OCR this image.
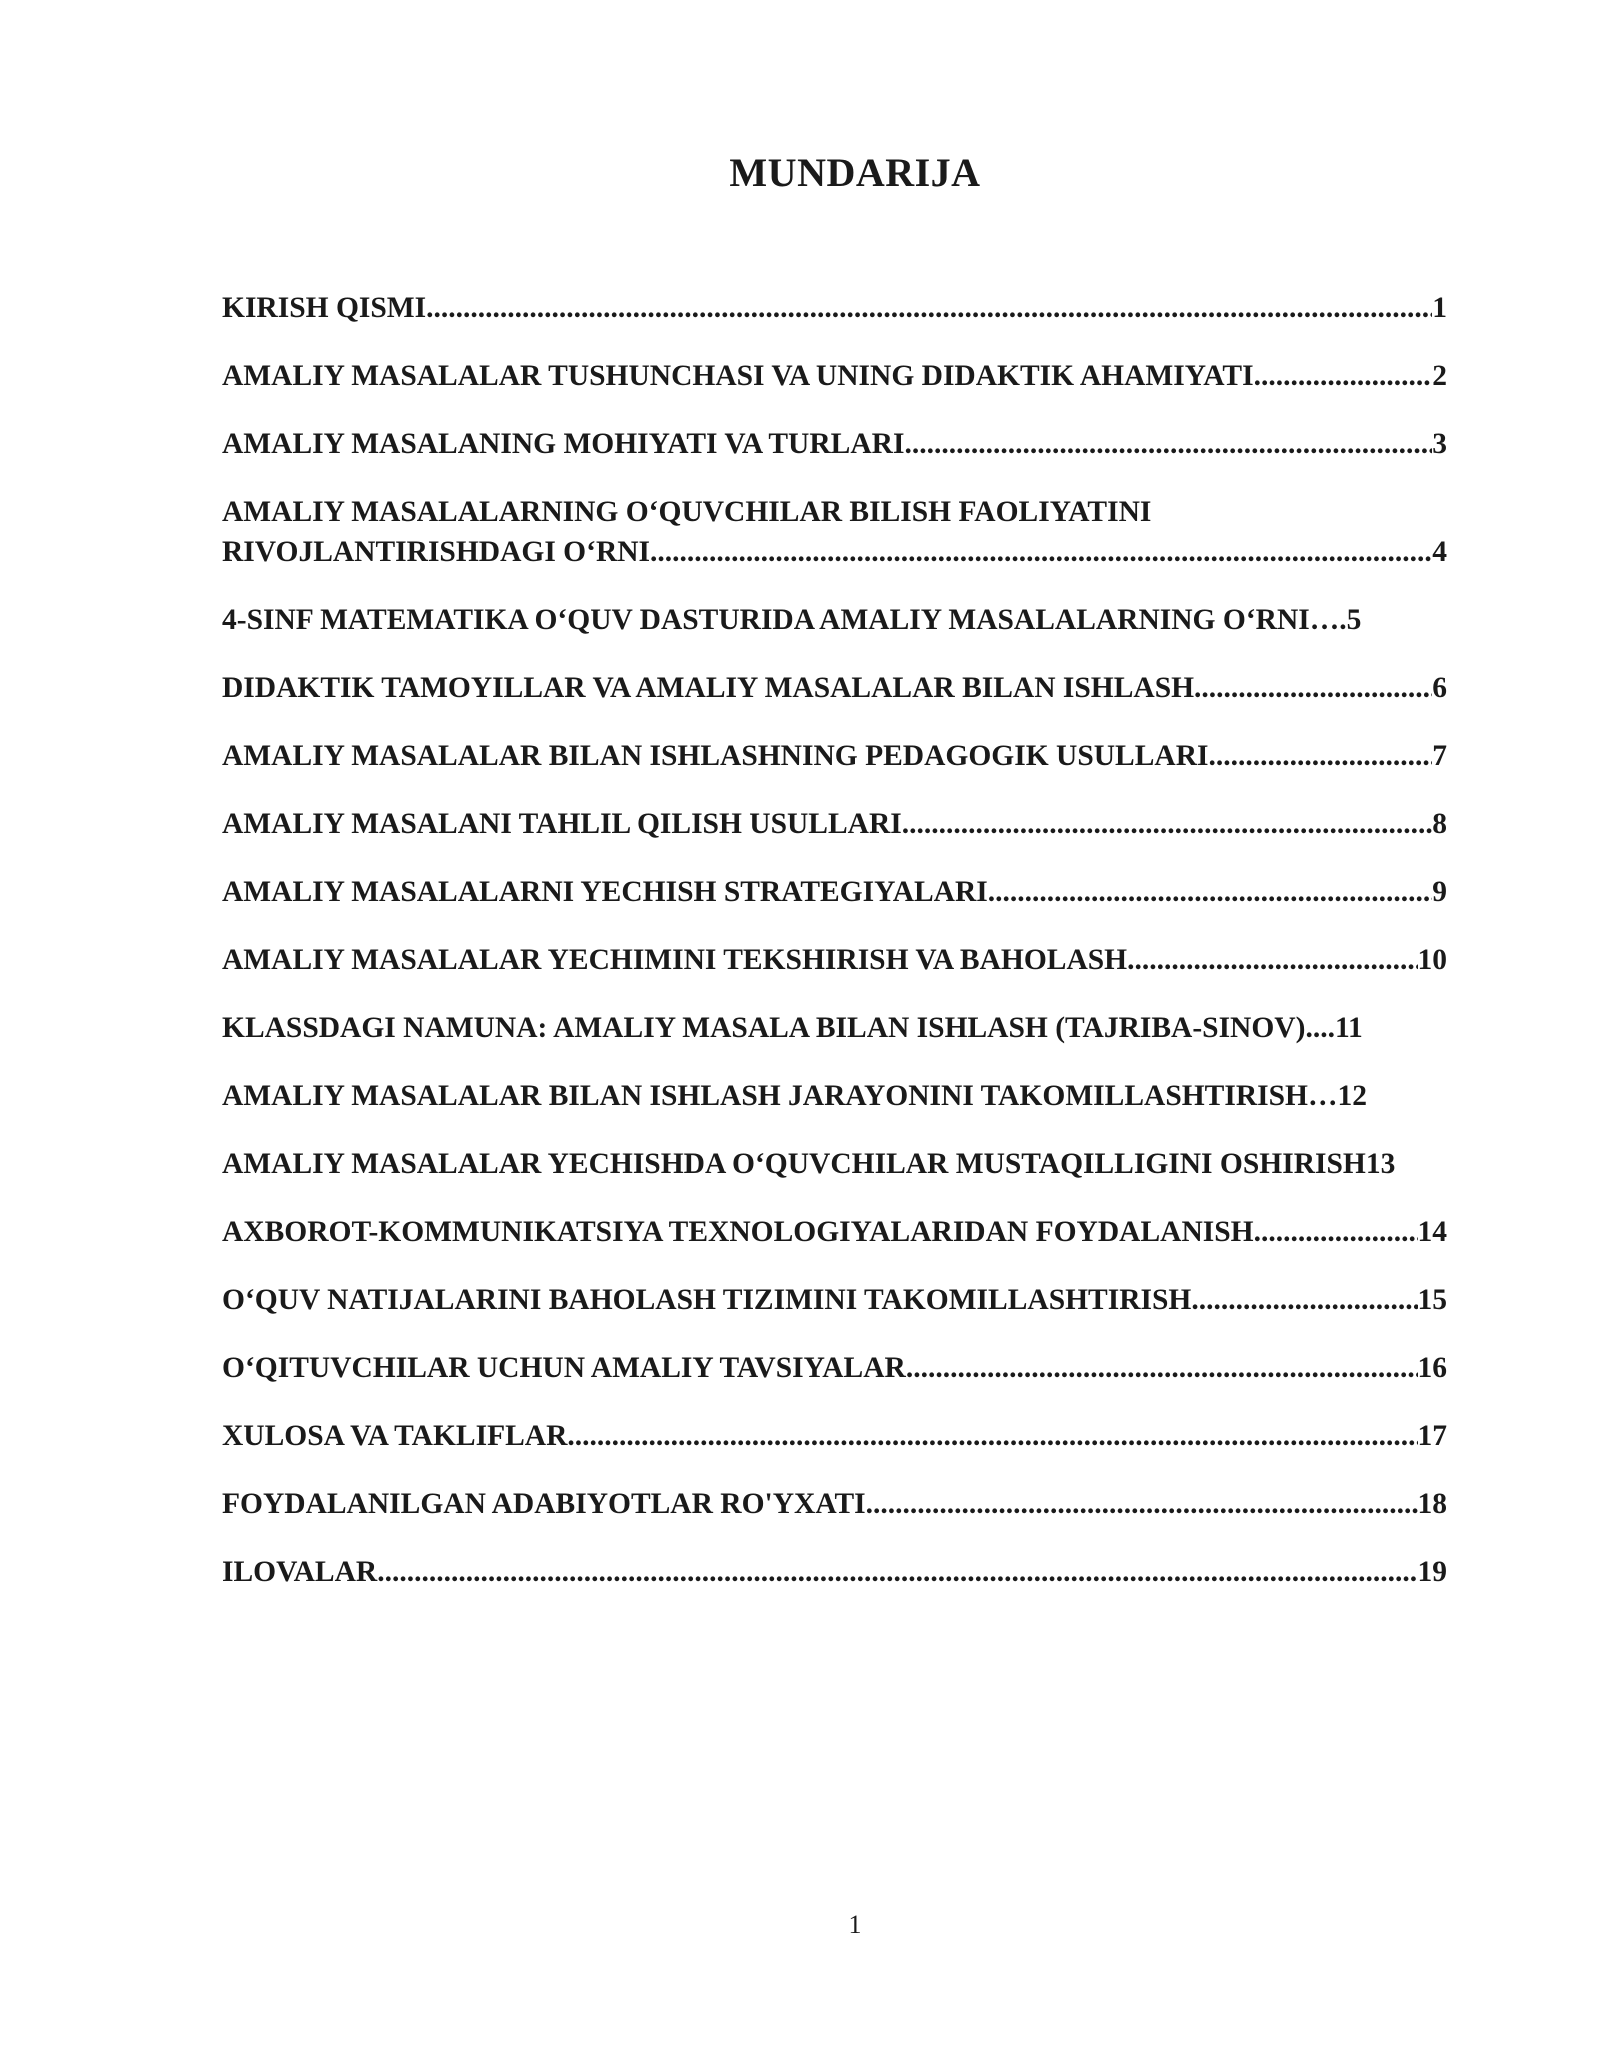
MUNDARIJA
KIRISH QISMI .....	1
AMALIY MASALALAR TUSHUNCHASI VA UNING DIDAKTIK AHAMIYATI .....	2
AMALIY MASALANING MOHIYATI VA TURLARI .....	3
AMALIY MASALALARNING O‘QUVCHILAR BILISH FAOLIYATINI
RIVOJLANTIRISHDAGI O‘RNI .....	4
4-SINF MATEMATIKA O‘QUV DASTURIDA AMALIY MASALALARNING O‘RNI … .5
DIDAKTIK TAMOYILLAR VA AMALIY MASALALAR BILAN ISHLASH .....	6
AMALIY MASALALAR BILAN ISHLASHNING PEDAGOGIK USULLARI .....	7
AMALIY MASALANI TAHLIL QILISH USULLARI .....	8
AMALIY MASALALARNI YECHISH STRATEGIYALARI .....	9
AMALIY MASALALAR YECHIMINI TEKSHIRISH VA BAHOLASH .....	10
KLASSDAGI NAMUNA: AMALIY MASALA BILAN ISHLASH (TAJRIBA-SINOV) .... 11
AMALIY MASALALAR BILAN ISHLASH JARAYONINI TAKOMILLASHTIRISH … 12
AMALIY MASALALAR YECHISHDA O‘QUVCHILAR MUSTAQILLIGINI OSHIRISH 13
AXBOROT-KOMMUNIKATSIYA TEXNOLOGIYALARIDAN FOYDALANISH .....	14
O‘QUV NATIJALARINI BAHOLASH TIZIMINI TAKOMILLASHTIRISH .....	15
O‘QITUVCHILAR UCHUN AMALIY TAVSIYALAR .....	16
XULOSA VA TAKLIFLAR .....	17
FOYDALANILGAN ADABIYOTLAR RO'YXATI .....	18
ILOVALAR .....	19
1
